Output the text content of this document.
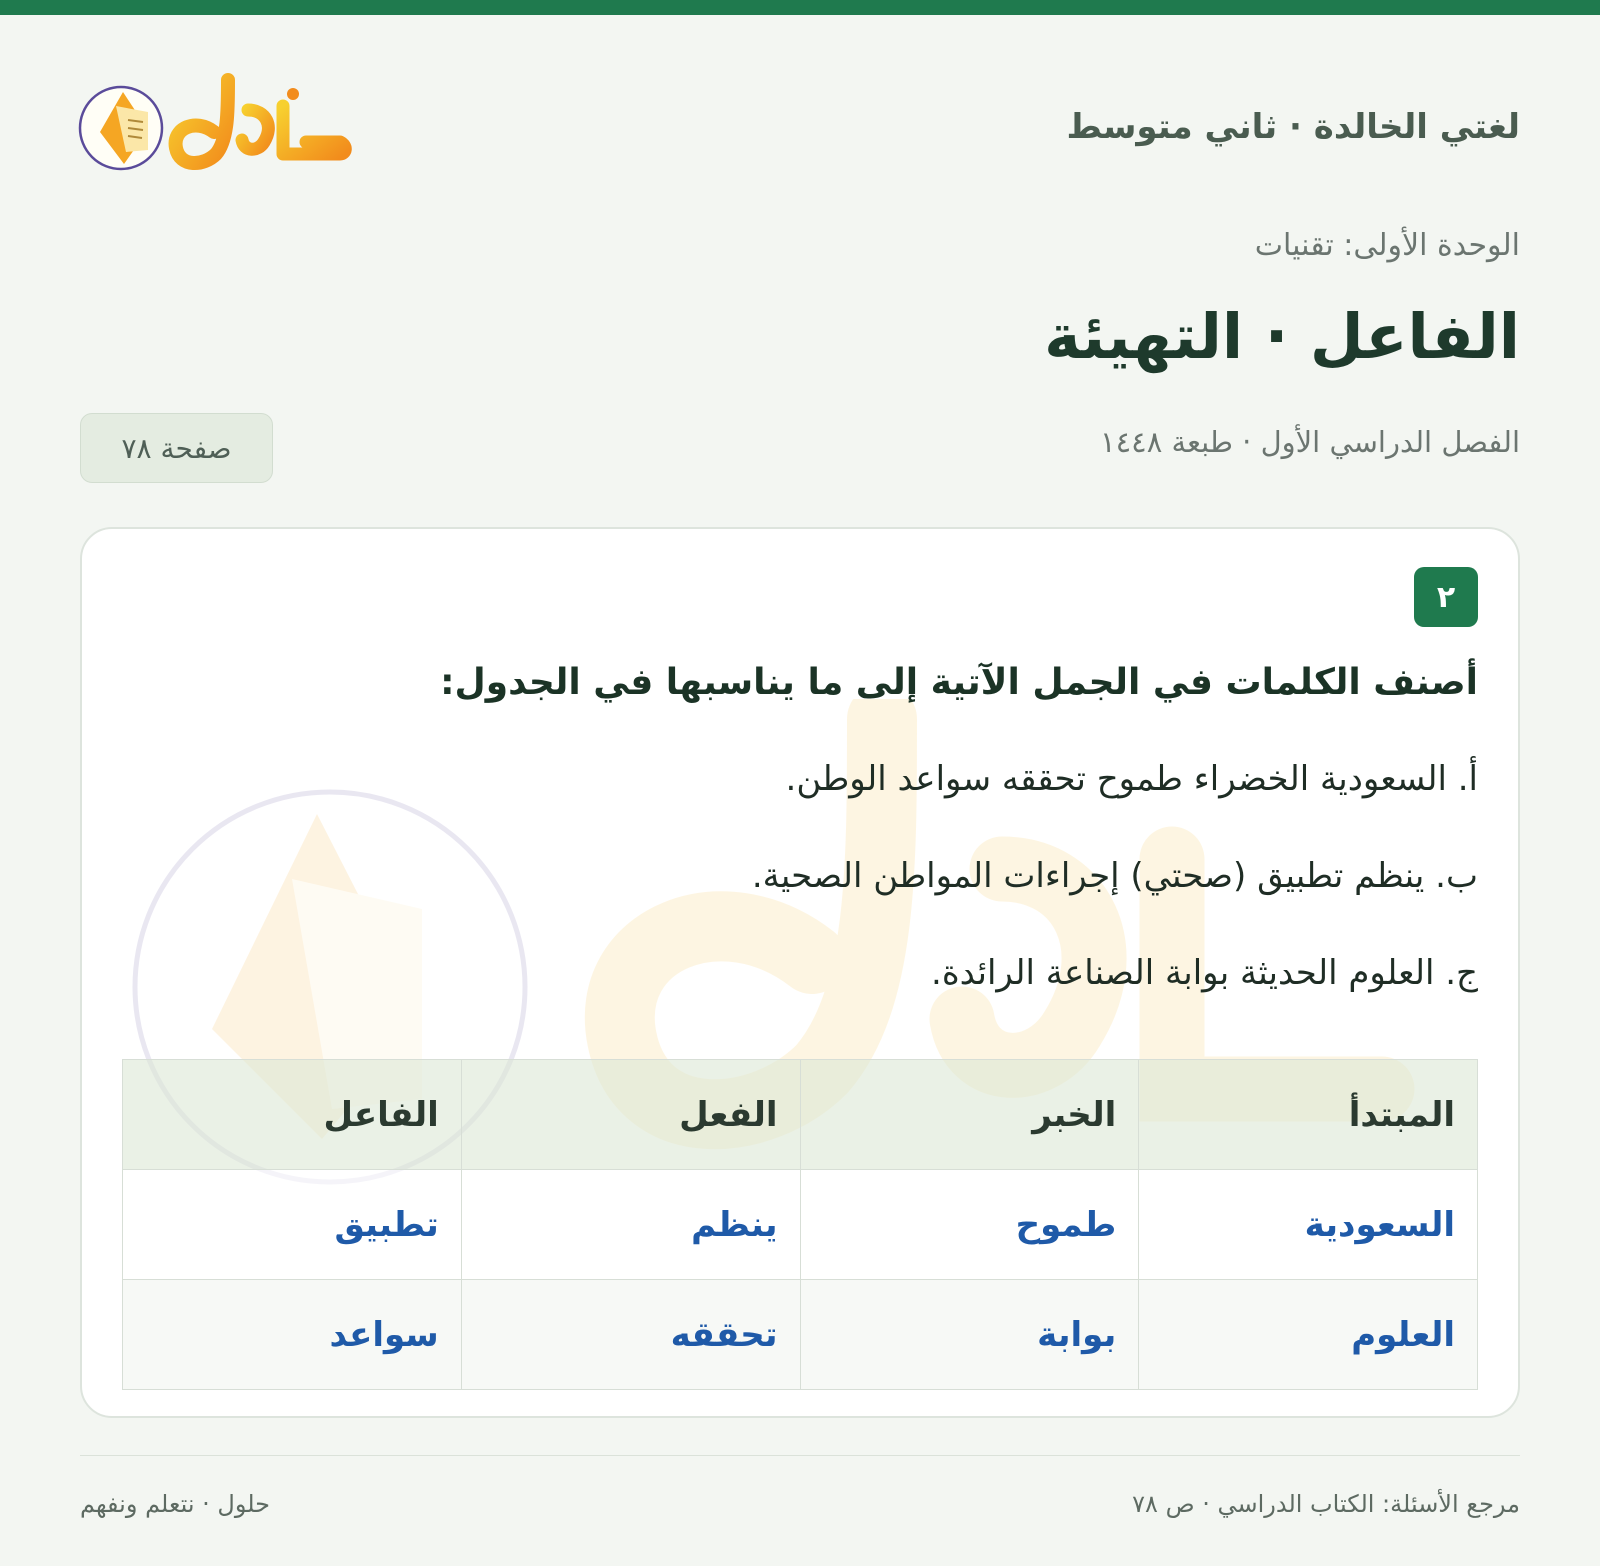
لغتي الخالدة · ثاني متوسط
الوحدة الأولى: تقنيات
الفاعل · التهيئة
الفصل الدراسي الأول · طبعة ١٤٤٨
صفحة ٧٨
٢
أصنف الكلمات في الجمل الآتية إلى ما يناسبها في الجدول:
أ. السعودية الخضراء طموح تحققه سواعد الوطن.
ب. ينظم تطبيق (صحتي) إجراءات المواطن الصحية.
ج. العلوم الحديثة بوابة الصناعة الرائدة.
المبتدأ	الخبر	الفعل	الفاعل
السعودية	طموح	ينظم	تطبيق
العلوم	بوابة	تحققه	سواعد
مرجع الأسئلة: الكتاب الدراسي · ص ٧٨
حلول · نتعلم ونفهم
